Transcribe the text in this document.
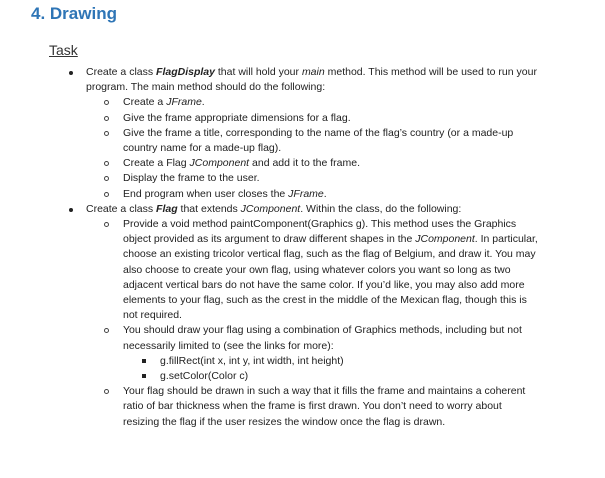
4. Drawing
Task
Create a class FlagDisplay that will hold your main method. This method will be used to run your program. The main method should do the following:
Create a JFrame.
Give the frame appropriate dimensions for a flag.
Give the frame a title, corresponding to the name of the flag’s country (or a made-up country name for a made-up flag).
Create a Flag JComponent and add it to the frame.
Display the frame to the user.
End program when user closes the JFrame.
Create a class Flag that extends JComponent. Within the class, do the following:
Provide a void method paintComponent(Graphics g). This method uses the Graphics object provided as its argument to draw different shapes in the JComponent. In particular, choose an existing tricolor vertical flag, such as the flag of Belgium, and draw it. You may also choose to create your own flag, using whatever colors you want so long as two adjacent vertical bars do not have the same color. If you’d like, you may also add more elements to your flag, such as the crest in the middle of the Mexican flag, though this is not required.
You should draw your flag using a combination of Graphics methods, including but not necessarily limited to (see the links for more):
g.fillRect(int x, int y, int width, int height)
g.setColor(Color c)
Your flag should be drawn in such a way that it fills the frame and maintains a coherent ratio of bar thickness when the frame is first drawn. You don’t need to worry about resizing the flag if the user resizes the window once the flag is drawn.
